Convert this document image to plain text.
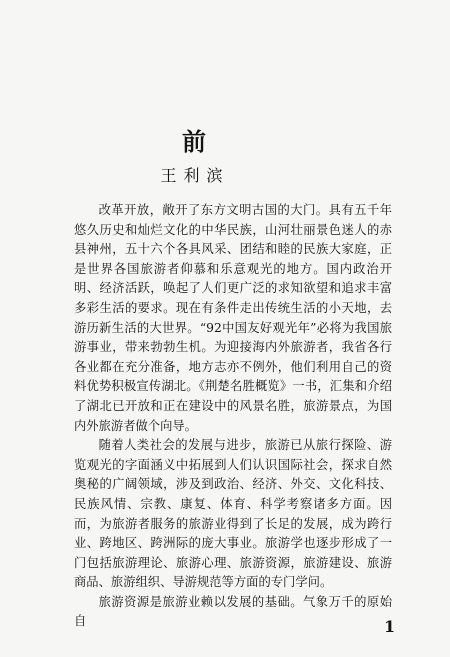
前
王利滨

改革开放，敞开了东方文明古国的大门。具有五千年悠久历史和灿烂文化的中华民族，山河壮丽景色迷人的赤县神州，五十六个各具风采、团结和睦的民族大家庭，正是世界各国旅游者仰慕和乐意观光的地方。国内政治开明、经济活跃，唤起了人们更广泛的求知欲望和追求丰富多彩生活的要求。现在有条件走出传统生活的小天地，去游历新生活的大世界。“92中国友好观光年”必将为我国旅游事业，带来勃勃生机。为迎接海内外旅游者，我省各行各业都在充分准备，地方志亦不例外，他们利用自己的资料优势积极宣传湖北。《荆楚名胜概览》一书，汇集和介绍了湖北已开放和正在建设中的风景名胜，旅游景点，为国内外旅游者做个向导。

随着人类社会的发展与进步，旅游已从旅行探险、游览观光的字面涵义中拓展到人们认识国际社会，探求自然奥秘的广阔领域，涉及到政治、经济、外交、文化科技、民族风情、宗教、康复、体育、科学考察诸多方面。因而，为旅游者服务的旅游业得到了长足的发展，成为跨行业、跨地区、跨洲际的庞大事业。旅游学也逐步形成了一门包括旅游理论、旅游心理、旅游资源，旅游建设、旅游商品、旅游组织、导游规范等方面的专门学问。

旅游资源是旅游业赖以发展的基础。气象万千的原始自	1
